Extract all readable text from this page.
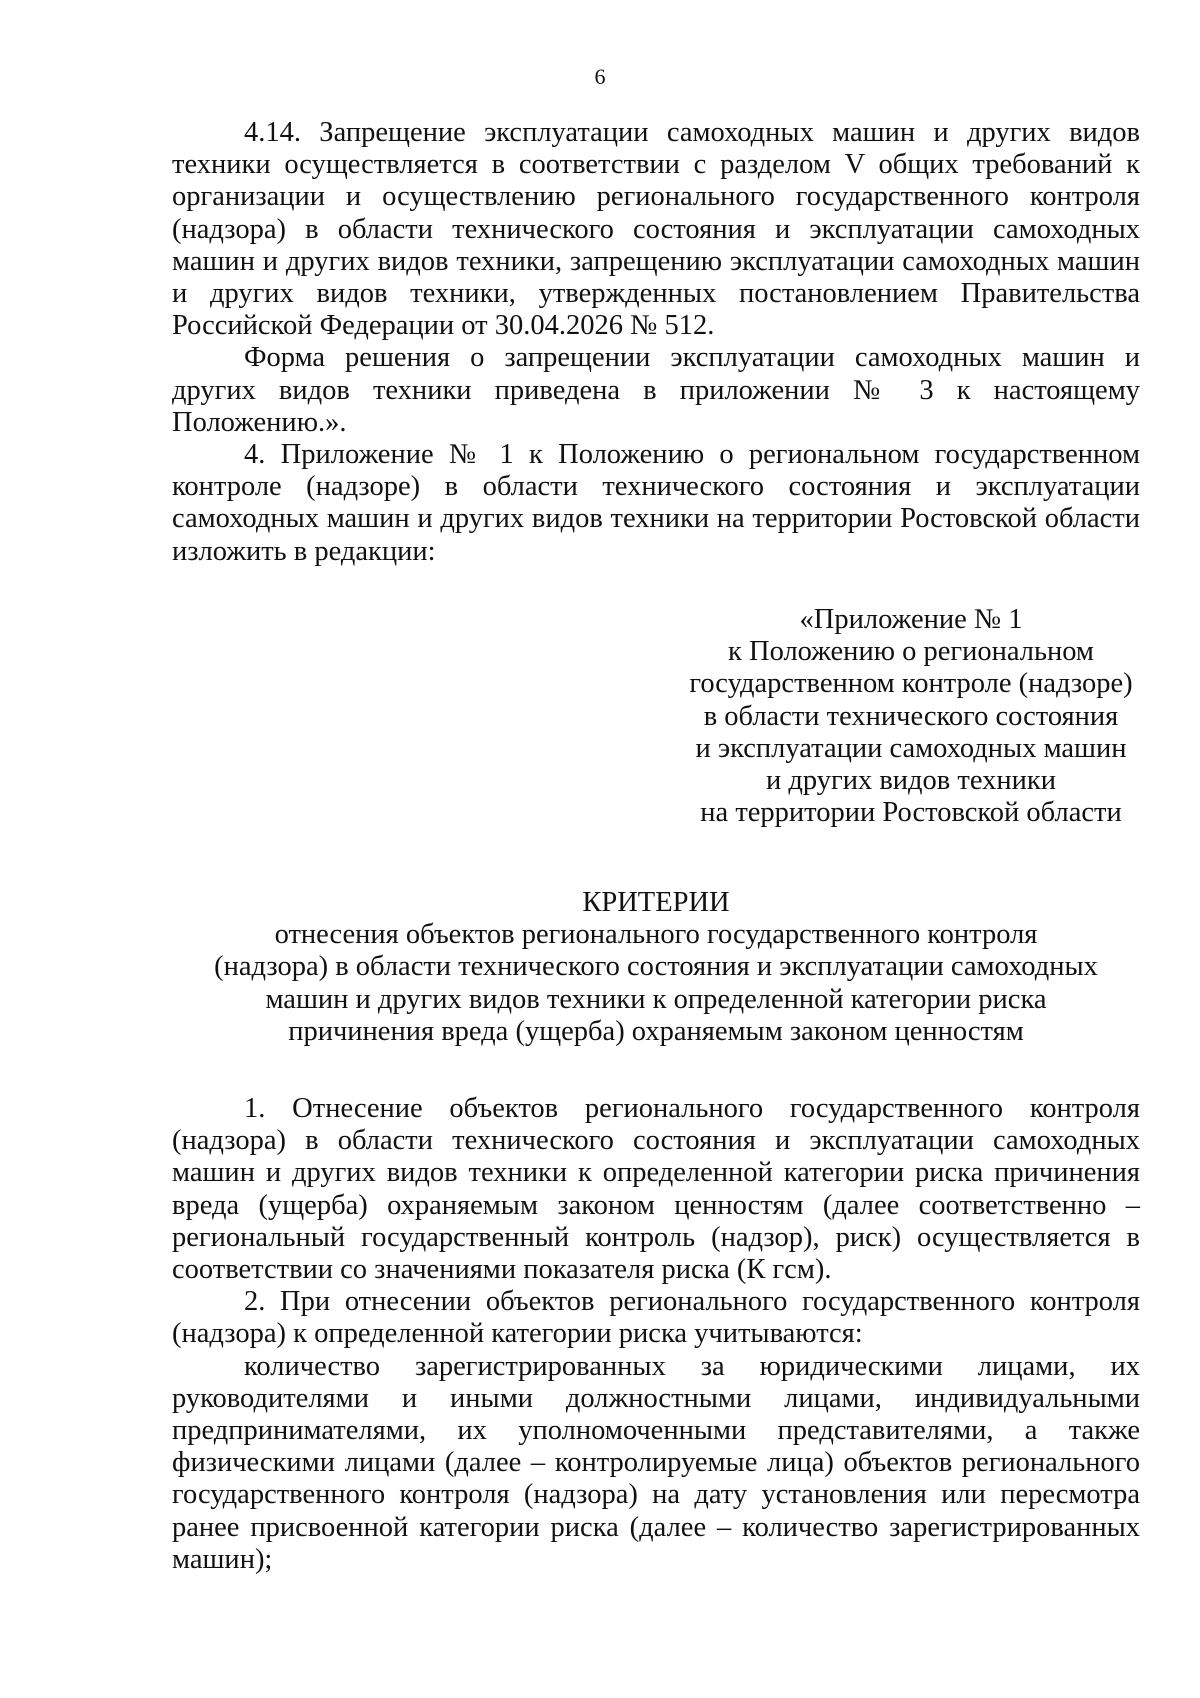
6

4.14. Запрещение эксплуатации самоходных машин и других видов техники осуществляется в соответствии с разделом V общих требований к организации и осуществлению регионального государственного контроля (надзора) в области технического состояния и эксплуатации самоходных машин и других видов техники, запрещению эксплуатации самоходных машин и других видов техники, утвержденных постановлением Правительства Российской Федерации от 30.04.2026 № 512.

Форма решения о запрещении эксплуатации самоходных машин и других видов техники приведена в приложении № 3 к настоящему Положению.».

4. Приложение № 1 к Положению о региональном государственном контроле (надзоре) в области технического состояния и эксплуатации самоходных машин и других видов техники на территории Ростовской области изложить в редакции:

«Приложение № 1
к Положению о региональном
государственном контроле (надзоре)
в области технического состояния
и эксплуатации самоходных машин
и других видов техники
на территории Ростовской области
КРИТЕРИИ
отнесения объектов регионального государственного контроля
(надзора) в области технического состояния и эксплуатации самоходных
машин и других видов техники к определенной категории риска
причинения вреда (ущерба) охраняемым законом ценностям

1. Отнесение объектов регионального государственного контроля (надзора) в области технического состояния и эксплуатации самоходных машин и других видов техники к определенной категории риска причинения вреда (ущерба) охраняемым законом ценностям (далее соответственно – региональный государственный контроль (надзор), риск) осуществляется в соответствии со значениями показателя риска (К гсм).

2. При отнесении объектов регионального государственного контроля (надзора) к определенной категории риска учитываются:

количество зарегистрированных за юридическими лицами, их руководителями и иными должностными лицами, индивидуальными предпринимателями, их уполномоченными представителями, а также физическими лицами (далее – контролируемые лица) объектов регионального государственного контроля (надзора) на дату установления или пересмотра ранее присвоенной категории риска (далее – количество зарегистрированных машин);
